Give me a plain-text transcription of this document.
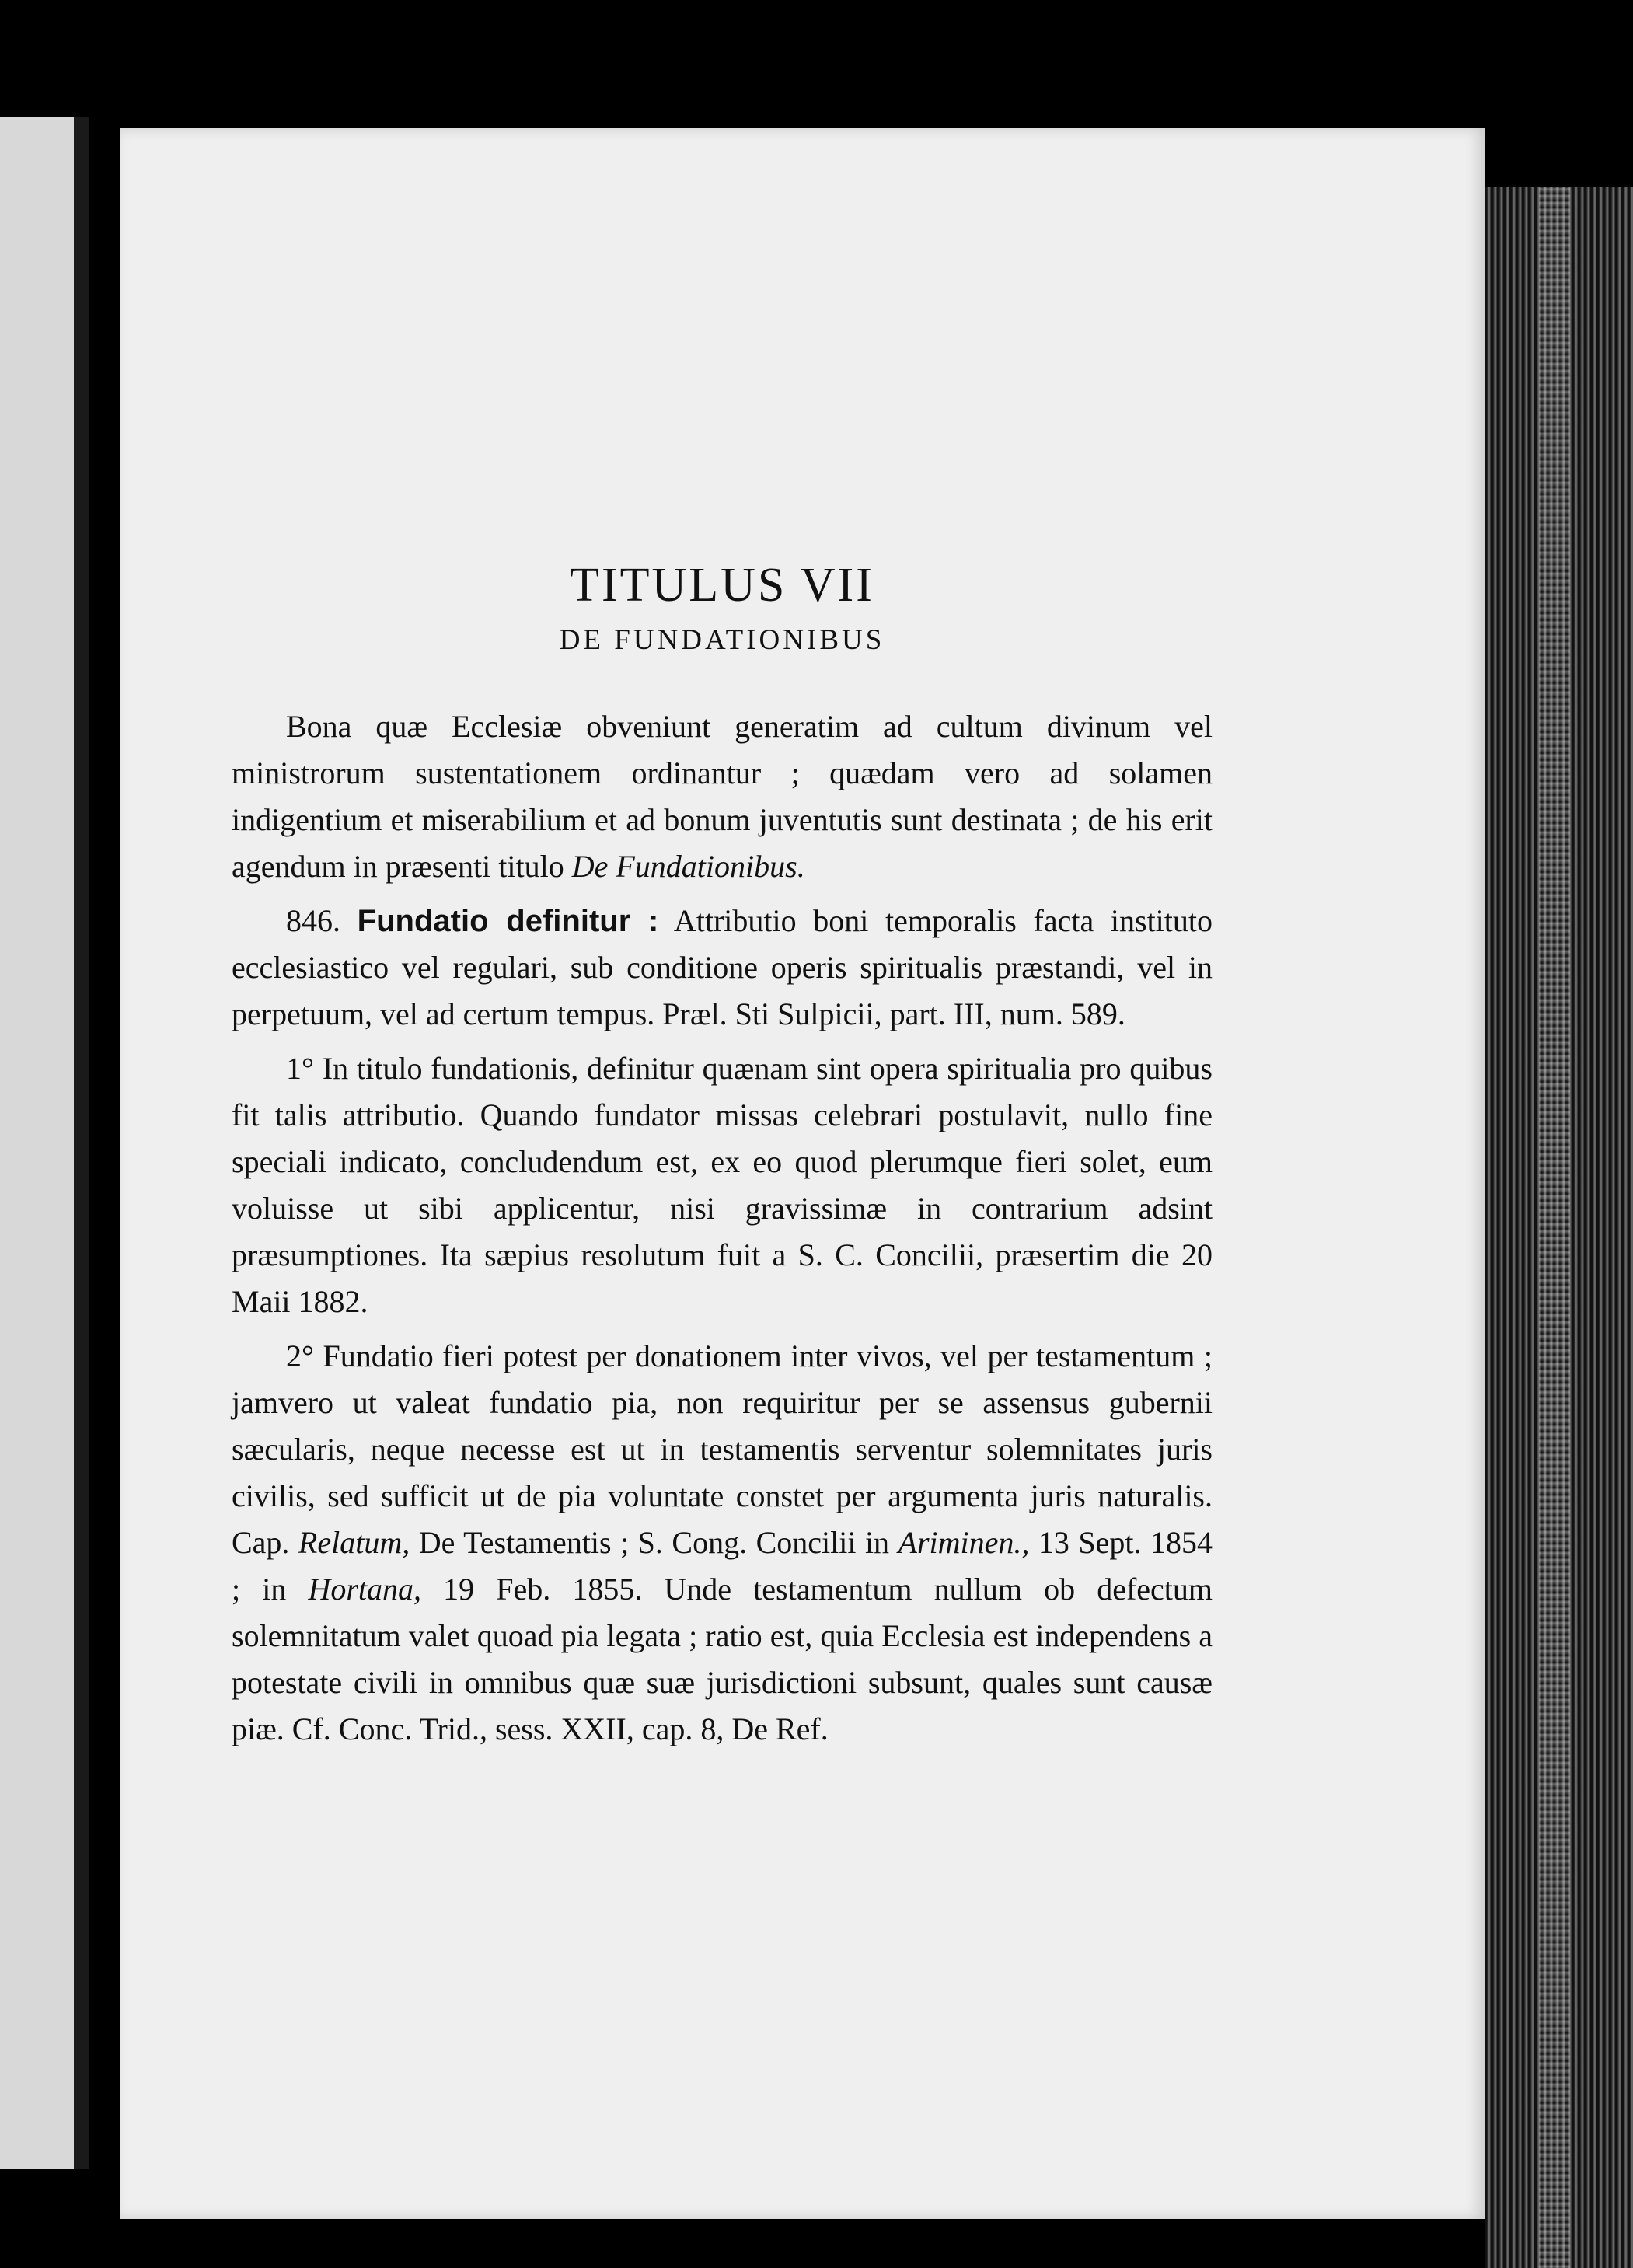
TITULUS VII
DE FUNDATIONIBUS

Bona quæ Ecclesiæ obveniunt generatim ad cultum divinum vel ministrorum sustentationem ordinantur ; quædam vero ad solamen indigentium et miserabilium et ad bonum juventutis sunt destinata ; de his erit agendum in præsenti titulo De Fundationibus.

846. Fundatio definitur : Attributio boni temporalis facta instituto ecclesiastico vel regulari, sub conditione operis spiritualis præstandi, vel in perpetuum, vel ad certum tempus. Præl. Sti Sulpicii, part. III, num. 589.

1° In titulo fundationis, definitur quænam sint opera spiritualia pro quibus fit talis attributio. Quando fundator missas celebrari postulavit, nullo fine speciali indicato, concludendum est, ex eo quod plerumque fieri solet, eum voluisse ut sibi applicentur, nisi gravissimæ in contrarium adsint præsumptiones. Ita sæpius resolutum fuit a S. C. Concilii, præsertim die 20 Maii 1882.

2° Fundatio fieri potest per donationem inter vivos, vel per testamentum ; jamvero ut valeat fundatio pia, non requiritur per se assensus gubernii sæcularis, neque necesse est ut in testamentis serventur solemnitates juris civilis, sed sufficit ut de pia voluntate constet per argumenta juris naturalis. Cap. Relatum, De Testamentis ; S. Cong. Concilii in Ariminen., 13 Sept. 1854 ; in Hortana, 19 Feb. 1855. Unde testamentum nullum ob defectum solemnitatum valet quoad pia legata ; ratio est, quia Ecclesia est independens a potestate civili in omnibus quæ suæ jurisdictioni subsunt, quales sunt causæ piæ. Cf. Conc. Trid., sess. XXII, cap. 8, De Ref.
